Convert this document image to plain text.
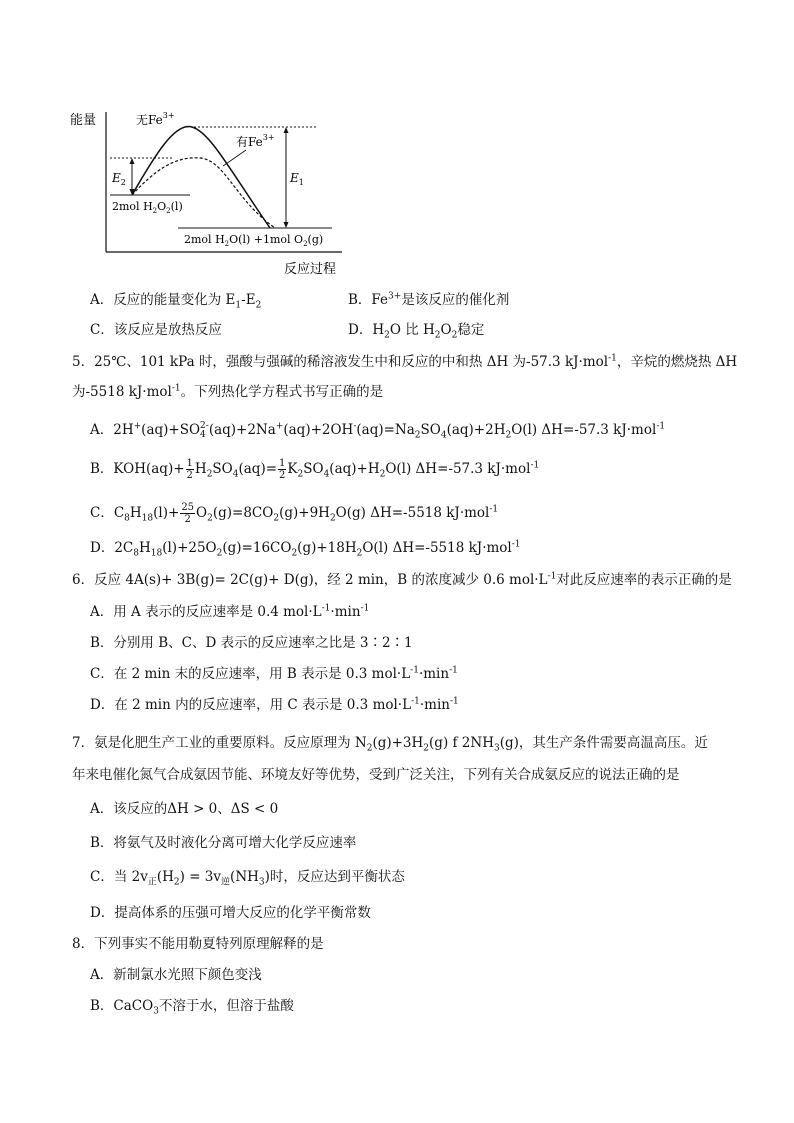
能量
反应过程
无$Fe^{3+}$
有$Fe^{3+}$
$E_2$	$E_1$
2mol $H_2O_2(l)$
2mol $H_2O(l) +1mol$ $O_2(g)$
A．反应的能量变化为 $E_1-E_2$	B．$Fe^{3+}$是该反应的催化剂
C．该反应是放热反应	D．$H_2O$ 比 $H_2O_2$稳定
5．25℃、101 kPa 时，强酸与强碱的稀溶液发生中和反应的中和热 ΔH 为-57.3 kJ·mol$^{-1}$，辛烷的燃烧热 ΔH
为-5518 kJ·mol$^{-1}$。下列热化学方程式书写正确的是
A．2H+(aq)+SO 2-
4 $(aq)+2Na^+(aq)+2OH^-(aq)=Na_2SO_4(aq)+2H_2O(l)$ ΔH=-57.3 kJ·mol$^{-1}$
B．$KOH(aq)+ \frac{1}{2} H_2SO_4(aq)= \frac{1}{2} K_2SO_4(aq)+H_2O(l)$ ΔH=-57.3 kJ·mol$^{-1}$
C．$C_8H_{18}(l)+ \frac{25}{2} O_2(g)=8CO_2(g)+9H_2O(g)$ ΔH=-5518 kJ·mol$^{-1}$
D．$2C_8H_{18}(l)+25O_2(g)=16CO_2(g)+18H_2O(l)$ ΔH=-5518 kJ·mol$^{-1}$
6．反应 4A(s)+ 3B(g)= 2C(g)+ D(g)，经 2 min，B 的浓度减少 0.6 $mol\cdot L^{-1}$对此反应速率的表示正确的是
A．用 A 表示的反应速率是 0.4 $mol\cdot L^{-1}\cdot\min^{-1}$
B．分别用 B、C、D 表示的反应速率之比是 3∶2∶1
C．在 2 min 末的反应速率，用 B 表示是 0.3 $mol\cdot L^{-1}\cdot\min^{-1}$
D．在 2 min 内的反应速率，用 C 表示是 0.3 $mol\cdot L^{-1}\cdot\min^{-1}$
7．氨是化肥生产工业的重要原料。反应原理为 $N_2(g)+3H_2(g)$ f $2NH_3(g)$，其生产条件需要高温高压。近
年来电催化氮气合成氨因节能、环境友好等优势，受到广泛关注，下列有关合成氨反应的说法正确的是
A．该反应的ΔH > 0、ΔS < 0
B．将氨气及时液化分离可增大化学反应速率
C．当 $2v_正(H_2) = 3v_逆(NH_3)$时，反应达到平衡状态
D．提高体系的压强可增大反应的化学平衡常数
8．下列事实不能用勒夏特列原理解释的是
A．新制氯水光照下颜色变浅
B．CaCO$_3$不溶于水，但溶于盐酸
